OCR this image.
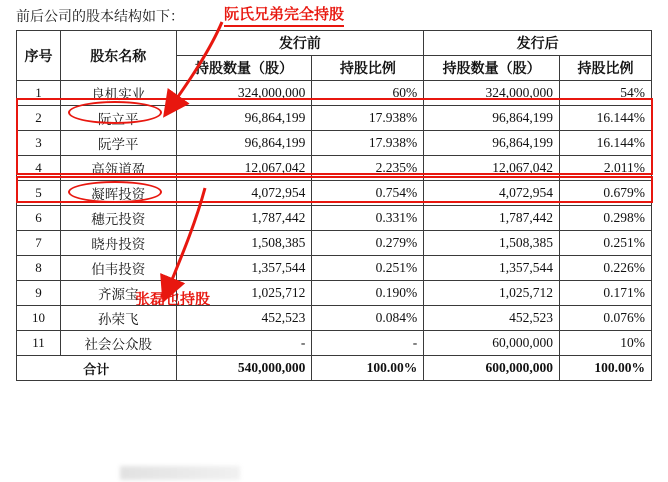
前后公司的股本结构如下：	阮氏兄弟完全持股
张磊也持股
序号	股东名称	发行前		发行后	
		持股数量（股）	持股比例	持股数量（股）	持股比例
1	良机实业	324,000,000	60%	324,000,000	54%
2	阮立平	96,864,199	17.938%	96,864,199	16.144%
3	阮学平	96,864,199	17.938%	96,864,199	16.144%
4	高瓴道盈	12,067,042	2.235%	12,067,042	2.011%
5	凝晖投资	4,072,954	0.754%	4,072,954	0.679%
6	穗元投资	1,787,442	0.331%	1,787,442	0.298%
7	晓舟投资	1,508,385	0.279%	1,508,385	0.251%
8	伯韦投资	1,357,544	0.251%	1,357,544	0.226%
9	齐源宝	1,025,712	0.190%	1,025,712	0.171%
10	孙荣飞	452,523	0.084%	452,523	0.076%
11	社会公众股	-	-	60,000,000	10%
合计		540,000,000	100.00%	600,000,000	100.00%
